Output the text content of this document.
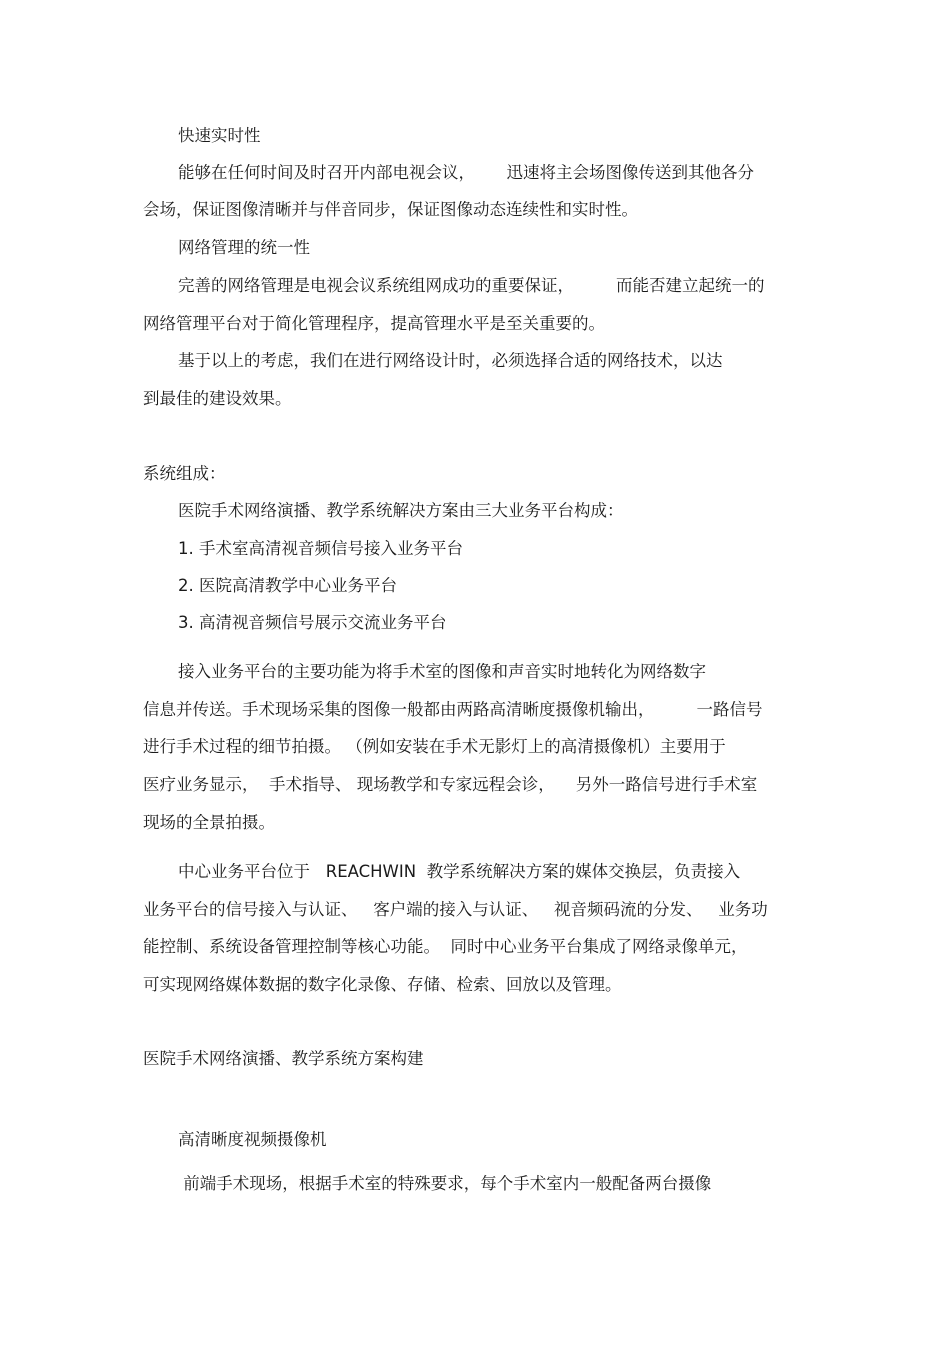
快速实时性
能够在任何时间及时召开内部电视会议，      迅速将主会场图像传送到其他各分
会场，保证图像清晰并与伴音同步，保证图像动态连续性和实时性。
网络管理的统一性
完善的网络管理是电视会议系统组网成功的重要保证，        而能否建立起统一的
网络管理平台对于简化管理程序，提高管理水平是至关重要的。
基于以上的考虑，我们在进行网络设计时，必须选择合适的网络技术，以达
到最佳的建设效果。
系统组成：
医院手术网络演播、教学系统解决方案由三大业务平台构成：
1. 手术室高清视音频信号接入业务平台
2. 医院高清教学中心业务平台
3. 高清视音频信号展示交流业务平台
接入业务平台的主要功能为将手术室的图像和声音实时地转化为网络数字
信息并传送。手术现场采集的图像一般都由两路高清晰度摄像机输出，        一路信号
进行手术过程的细节拍摄。 （例如安装在手术无影灯上的高清摄像机）主要用于
医疗业务显示，  手术指导、 现场教学和专家远程会诊，    另外一路信号进行手术室
现场的全景拍摄。
中心业务平台位于   REACHWIN  教学系统解决方案的媒体交换层，负责接入
业务平台的信号接入与认证、   客户端的接入与认证、   视音频码流的分发、   业务功
能控制、系统设备管理控制等核心功能。  同时中心业务平台集成了网络录像单元，
可实现网络媒体数据的数字化录像、存储、检索、回放以及管理。
医院手术网络演播、教学系统方案构建
高清晰度视频摄像机
前端手术现场，根据手术室的特殊要求，每个手术室内一般配备两台摄像
